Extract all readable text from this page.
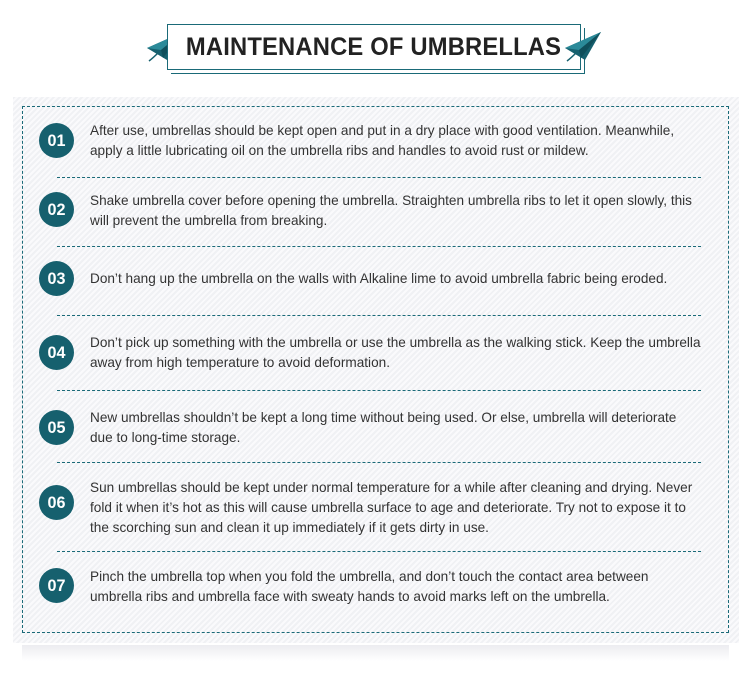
MAINTENANCE OF UMBRELLAS
01 After use, umbrellas should be kept open and put in a dry place with good ventilation. Meanwhile, apply a little lubricating oil on the umbrella ribs and handles to avoid rust or mildew.
02 Shake umbrella cover before opening the umbrella. Straighten umbrella ribs to let it open slowly, this will prevent the umbrella from breaking.
03 Don’t hang up the umbrella on the walls with Alkaline lime to avoid umbrella fabric being eroded.
04 Don’t pick up something with the umbrella or use the umbrella as the walking stick. Keep the umbrella away from high temperature to avoid deformation.
05 New umbrellas shouldn’t be kept a long time without being used. Or else, umbrella will deteriorate due to long-time storage.
06
Sun umbrellas should be kept under normal temperature for a while after cleaning and drying. Never fold it when it’s hot as this will cause umbrella surface to age and deteriorate. Try not to expose it to the scorching sun and clean it up immediately if it gets dirty in use.
07 Pinch the umbrella top when you fold the umbrella, and don’t touch the contact area between umbrella ribs and umbrella face with sweaty hands to avoid marks left on the umbrella.
